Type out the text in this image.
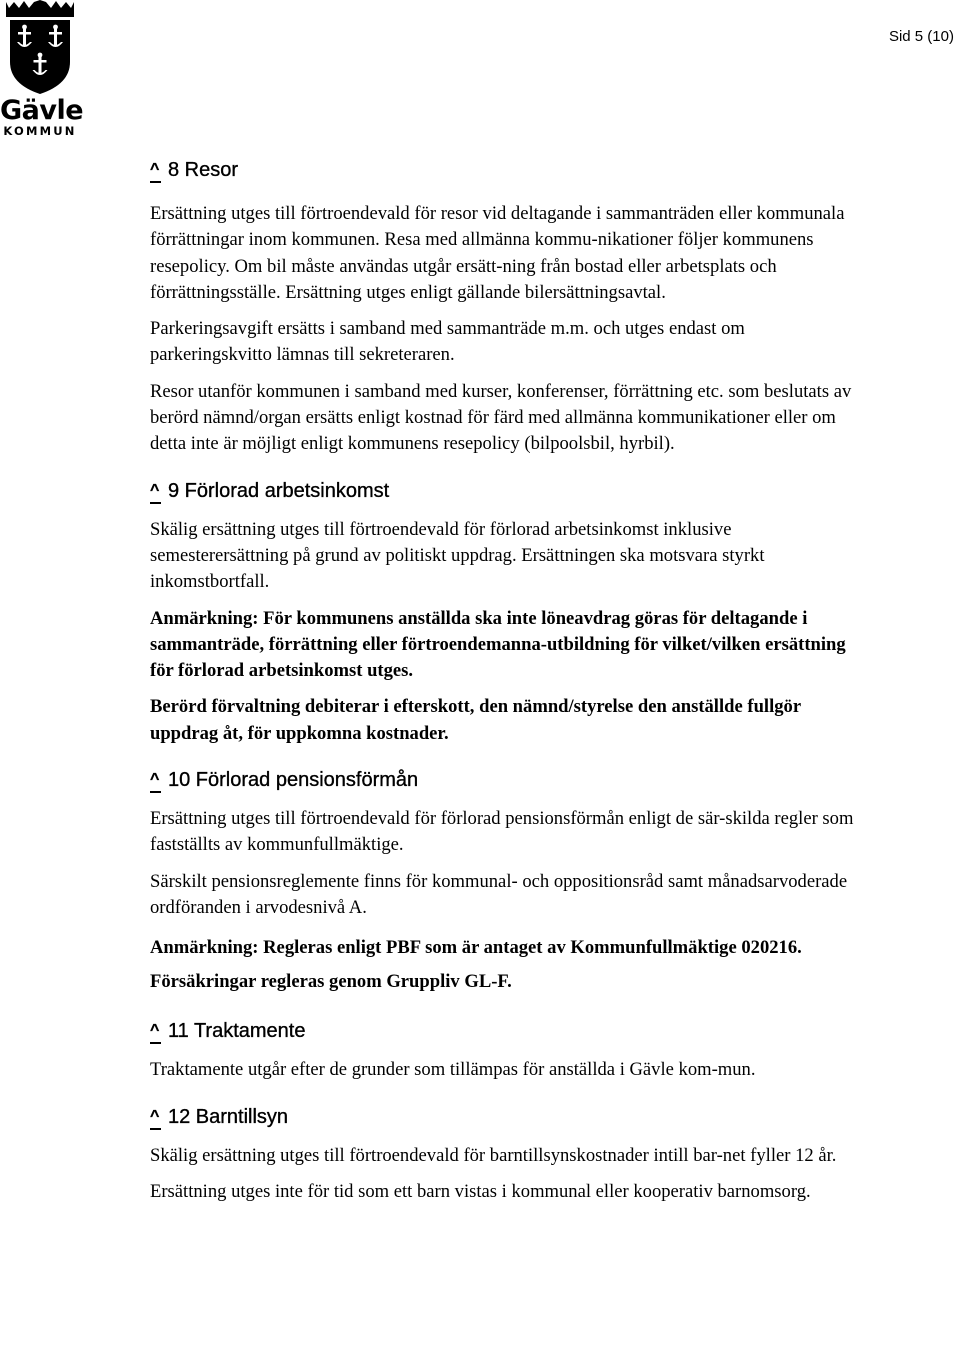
Gävle
KOMMUN
Sid 5 (10)
^ 8 Resor

Ersättning utges till förtroendevald för resor vid deltagande i sammanträden eller kommunala förrättningar inom kommunen. Resa med allmänna kommu-nikationer följer kommunens resepolicy. Om bil måste användas utgår ersätt-ning från bostad eller arbetsplats och förrättningsställe. Ersättning utges enligt gällande bilersättningsavtal.

Parkeringsavgift ersätts i samband med sammanträde m.m. och utges endast om parkeringskvitto lämnas till sekreteraren.

Resor utanför kommunen i samband med kurser, konferenser, förrättning etc. som beslutats av berörd nämnd/organ ersätts enligt kostnad för färd med allmänna kommunikationer eller om detta inte är möjligt enligt kommunens resepolicy (bilpoolsbil, hyrbil).

^ 9 Förlorad arbetsinkomst

Skälig ersättning utges till förtroendevald för förlorad arbetsinkomst inklusive semesterersättning på grund av politiskt uppdrag. Ersättningen ska motsvara styrkt inkomstbortfall.

Anmärkning: För kommunens anställda ska inte löneavdrag göras för deltagande i sammanträde, förrättning eller förtroendemanna-utbildning för vilket/vilken ersättning för förlorad arbetsinkomst utges.

Berörd förvaltning debiterar i efterskott, den nämnd/styrelse den anställde fullgör uppdrag åt, för uppkomna kostnader.

^ 10 Förlorad pensionsförmån

Ersättning utges till förtroendevald för förlorad pensionsförmån enligt de sär-skilda regler som fastställts av kommunfullmäktige.

Särskilt pensionsreglemente finns för kommunal- och oppositionsråd samt månadsarvoderade ordföranden i arvodesnivå A.

Anmärkning: Regleras enligt PBF som är antaget av Kommunfullmäktige 020216. Försäkringar regleras genom Gruppliv GL-F.

^ 11 Traktamente

Traktamente utgår efter de grunder som tillämpas för anställda i Gävle kom-mun.

^ 12 Barntillsyn

Skälig ersättning utges till förtroendevald för barntillsynskostnader intill bar-net fyller 12 år.

Ersättning utges inte för tid som ett barn vistas i kommunal eller kooperativ barnomsorg.
